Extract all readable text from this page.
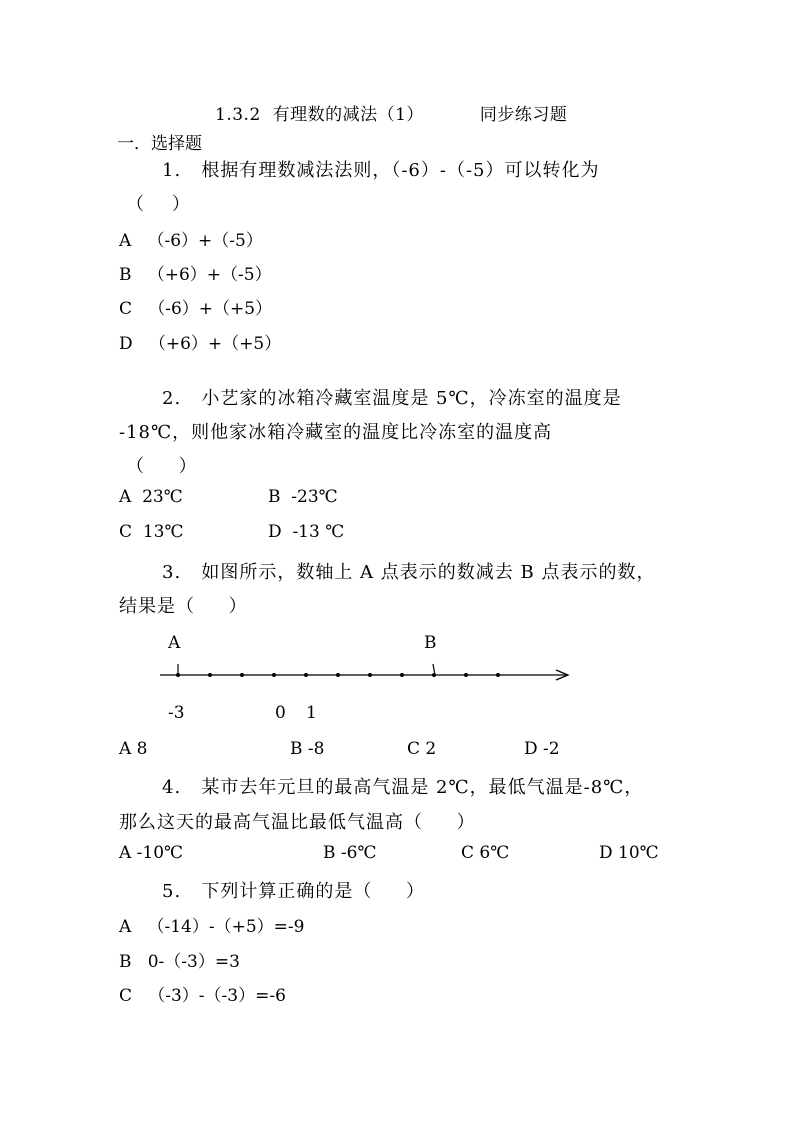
1.3.2  有理数的减法（1）	同步练习题
一．选择题
1.   根据有理数减法法则，（-6）-（-5）可以转化为
（    ）
A   （-6）+（-5）
B   （+6）+（-5）
C   （-6）+（+5）
D   （+6）+（+5）
2.   小艺家的冰箱冷藏室温度是 5℃，冷冻室的温度是
-18℃，则他家冰箱冷藏室的温度比冷冻室的温度高
（     ）
A  23℃	B  -23℃
C  13℃	D  -13 ℃
3.   如图所示，数轴上 A 点表示的数减去 B 点表示的数，
结果是（     ）
A	B
-3	0 1
A 8	B -8	C 2	D -2
4.   某市去年元旦的最高气温是 2℃，最低气温是-8℃，
那么这天的最高气温比最低气温高（     ）
A -10℃	B -6℃	C 6℃	D 10℃
5.   下列计算正确的是（     ）
A   （-14）-（+5）=-9
B   0-（-3）=3
C   （-3）-（-3）=-6
